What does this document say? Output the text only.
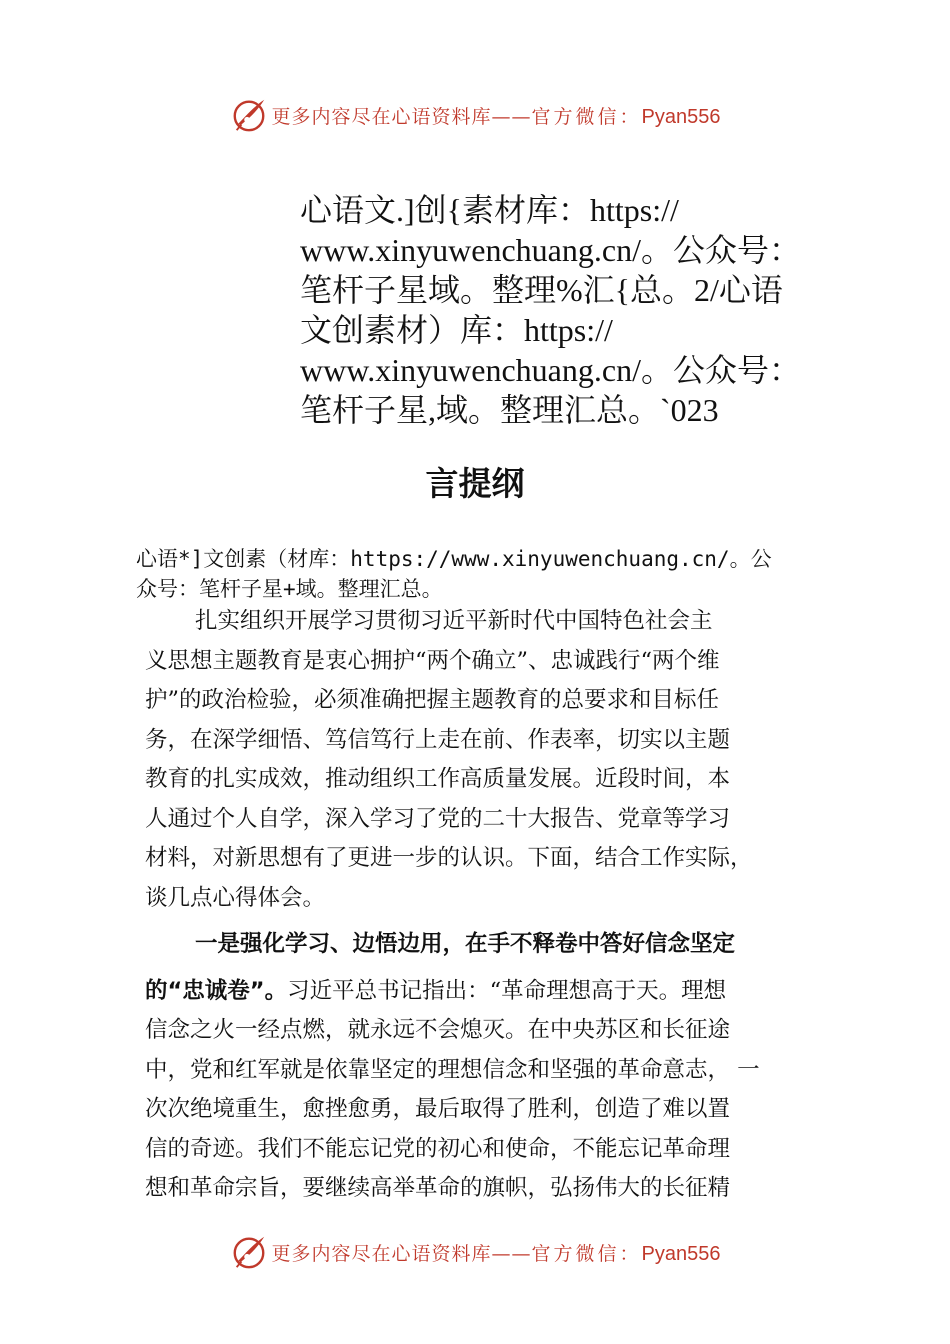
更多内容尽在心语资料库——官方微信：Pyan556
心语文.]创{素材库：https://
www.xinyuwenchuang.cn/。公众号：
笔杆子星域。整理%汇{总。2/心语
文创素材）库：https://
www.xinyuwenchuang.cn/。公众号：
笔杆子星,域。整理汇总。`023
言提纲
心语*]文创素（材库：https://www.xinyuwenchuang.cn/。公
众号：笔杆子星+域。整理汇总。
扎实组织开展学习贯彻习近平新时代中国特色社会主
义思想主题教育是衷心拥护“两个确立”、忠诚践行“两个维
护”的政治检验，必须准确把握主题教育的总要求和目标任
务，在深学细悟、笃信笃行上走在前、作表率，切实以主题
教育的扎实成效，推动组织工作高质量发展。近段时间，本
人通过个人自学，深入学习了党的二十大报告、党章等学习
材料，对新思想有了更进一步的认识。下面，结合工作实际，
谈几点心得体会。
一是强化学习、边悟边用，在手不释卷中答好信念坚定
的“忠诚卷”。习近平总书记指出：“革命理想高于天。理想
信念之火一经点燃，就永远不会熄灭。在中央苏区和长征途
中，党和红军就是依靠坚定的理想信念和坚强的革命意志， 一
次次绝境重生，愈挫愈勇，最后取得了胜利，创造了难以置
信的奇迹。我们不能忘记党的初心和使命，不能忘记革命理
想和革命宗旨，要继续高举革命的旗帜，弘扬伟大的长征精
更多内容尽在心语资料库——官方微信：Pyan556
